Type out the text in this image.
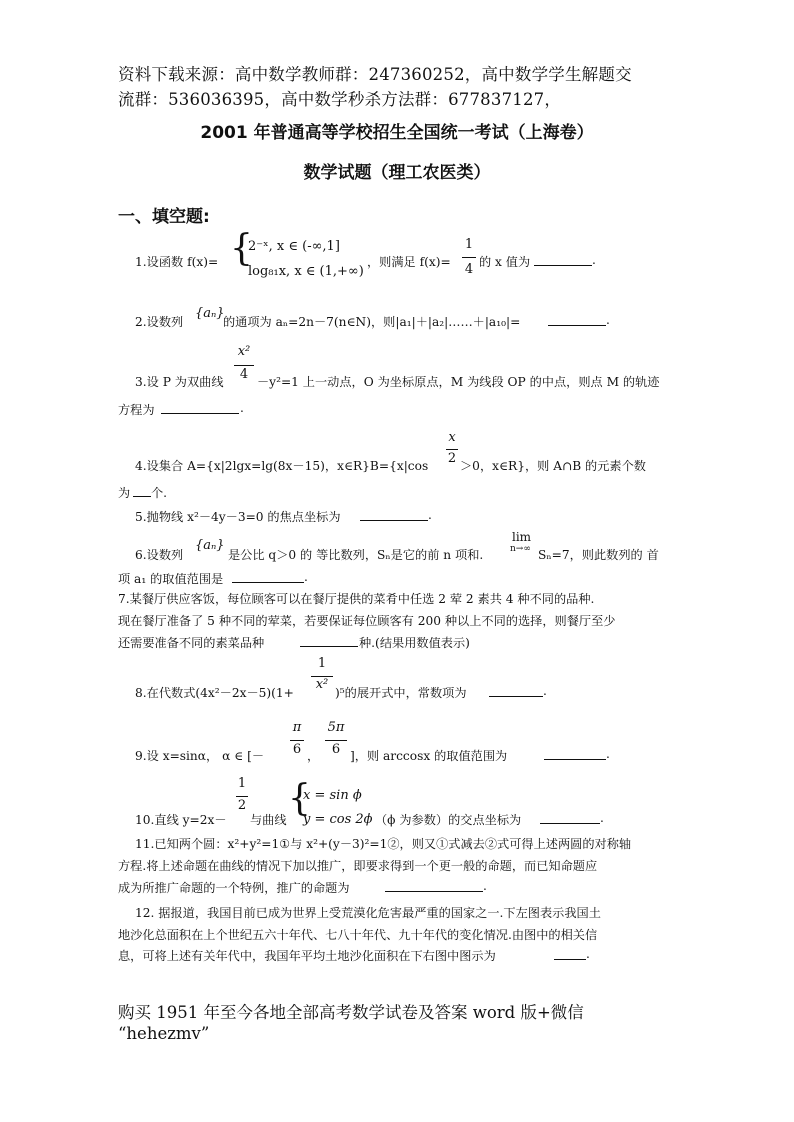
资料下载来源：高中数学教师群：247360252，高中数学学生解题交
流群：536036395，高中数学秒杀方法群：677837127，
2001 年普通高等学校招生全国统一考试（上海卷）
数学试题（理工农医类）
一、填空题:
1.设函数 f(x)= {
2⁻ˣ, x ∈ (-∞,1]
log₈₁x, x ∈ (1,+∞)
，则满足 f(x)=
1
4 的 x 值为	.
2.设数列
{aₙ}
的通项为 aₙ=2n－7(n∈N)，则|a₁|＋|a₂|……＋|a₁₀|=	.
x²
4
3.设 P 为双曲线	－y²=1 上一动点，O 为坐标原点，M 为线段 OP 的中点，则点 M 的轨迹
方程为	.
x
2
4.设集合 A={x|2lgx=lg(8x－15)，x∈R}B={x|cos	＞0，x∈R}，则 A∩B 的元素个数
为 个.
5.抛物线 x²－4y－3=0 的焦点坐标为	.
6.设数列
{aₙ}
是公比 q＞0 的 等比数列，Sₙ是它的前 n 项和.
lim
n→∞ Sₙ=7，则此数列的 首
项 a₁ 的取值范围是	.
7.某餐厅供应客饭，每位顾客可以在餐厅提供的菜肴中任选 2 荤 2 素共 4 种不同的品种.
现在餐厅准备了 5 种不同的荤菜，若要保证每位顾客有 200 种以上不同的选择，则餐厅至少
还需要准备不同的素菜品种	种.(结果用数值表示)
1
x²
8.在代数式(4x²－2x－5)(1+	)⁵的展开式中，常数项为	.
π
6
5π
6
9.设 x=sinα， α ∈ [－	，	]，则 arccosx 的取值范围为	.
1
2
10.直线 y=2x－ 与曲线
{
x = sin ϕ
y = cos 2ϕ （ϕ 为参数）的交点坐标为	.
11.已知两个圆：x²+y²=1①与 x²+(y－3)²=1②，则又①式减去②式可得上述两圆的对称轴
方程.将上述命题在曲线的情况下加以推广，即要求得到一个更一般的命题，而已知命题应
成为所推广命题的一个特例，推广的命题为	.
12. 据报道，我国目前已成为世界上受荒漠化危害最严重的国家之一.下左图表示我国土
地沙化总面积在上个世纪五六十年代、七八十年代、九十年代的变化情况.由图中的相关信
息，可将上述有关年代中，我国年平均土地沙化面积在下右图中图示为	.
购买 1951 年至今各地全部高考数学试卷及答案 word 版+微信
“hehezmv”
